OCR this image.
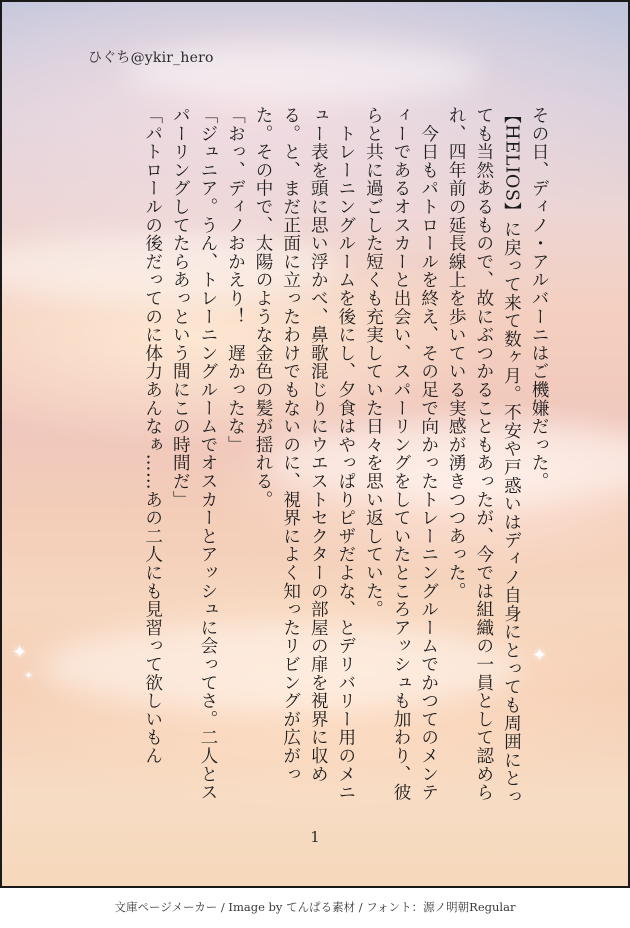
✦	✦
✦
ひぐち@ykir_hero

その日、ディノ・アルバーニはご機嫌だった。

【HELIOS】に戻って来て数ヶ月。不安や戸惑いはディノ自身にとっても周囲にとっても当然あるもので、故にぶつかることもあったが、今では組織の一員として認められ、四年前の延長線上を歩いている実感が湧きつつあった。

　今日もパトロールを終え、その足で向かったトレーニングルームでかつてのメンティーであるオスカーと出会い、スパーリングをしていたところアッシュも加わり、彼らと共に過ごした短くも充実していた日々を思い返していた。

　トレーニングルームを後にし、夕食はやっぱりピザだよな、とデリバリー用のメニュー表を頭に思い浮かべ、鼻歌混じりにウエストセクターの部屋の扉を視界に収める。と、まだ正面に立ったわけでもないのに、視界によく知ったリビングが広がった。その中で、太陽のような金色の髪が揺れる。

「おっ、ディノおかえり！　遅かったな」

「ジュニア。うん、トレーニングルームでオスカーとアッシュに会ってさ。二人とスパーリングしてたらあっという間にこの時間だ」

「パトロールの後だってのに体力あんなぁ……あの二人にも見習って欲しいもん

1
文庫ページメーカー / Image by てんぱる素材 / フォント：源ノ明朝Regular
